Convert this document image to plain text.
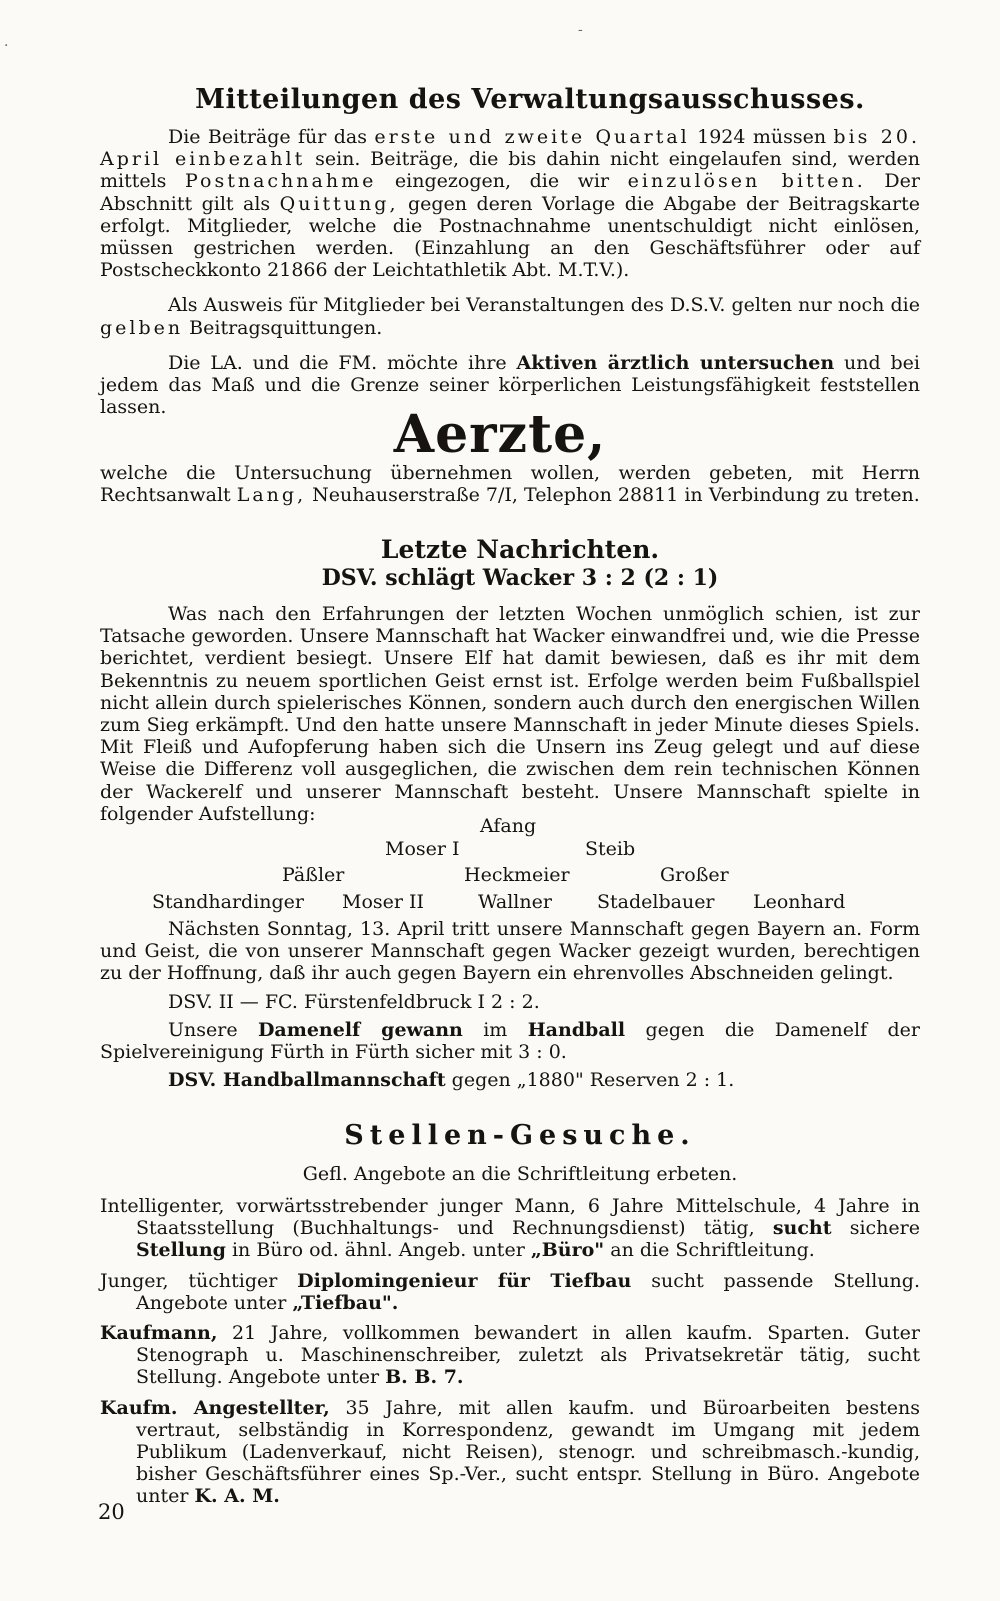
·
-
Mitteilungen des Verwaltungsausschusses.

Die Beiträge für das erste und zweite Quartal 1924 müssen bis 20. April einbezahlt sein. Beiträge, die bis dahin nicht eingelaufen sind, werden mittels Postnachnahme eingezogen, die wir einzulösen bitten. Der Abschnitt gilt als Quittung, gegen deren Vorlage die Abgabe der Beitragskarte erfolgt. Mitglieder, welche die Postnachnahme unentschuldigt nicht einlösen, müssen gestrichen werden. (Einzahlung an den Geschäftsführer oder auf Postscheckkonto 21866 der Leichtathletik Abt. M.T.V.).

Als Ausweis für Mitglieder bei Veranstaltungen des D.S.V. gelten nur noch die gelben Beitragsquittungen.

Die LA. und die FM. möchte ihre Aktiven ärztlich untersuchen und bei jedem das Maß und die Grenze seiner körperlichen Leistungsfähigkeit feststellen lassen.	Aerzte,

welche die Untersuchung übernehmen wollen, werden gebeten, mit Herrn Rechtsanwalt Lang, Neuhauserstraße 7/I, Telephon 28811 in Verbindung zu treten.

Letzte Nachrichten.
DSV. schlägt Wacker 3 : 2 (2 : 1)

Was nach den Erfahrungen der letzten Wochen unmöglich schien, ist zur Tatsache geworden. Unsere Mannschaft hat Wacker einwandfrei und, wie die Presse berichtet, verdient besiegt. Unsere Elf hat damit bewiesen, daß es ihr mit dem Bekenntnis zu neuem sportlichen Geist ernst ist. Erfolge werden beim Fußballspiel nicht allein durch spielerisches Können, sondern auch durch den energischen Willen zum Sieg erkämpft. Und den hatte unsere Mannschaft in jeder Minute dieses Spiels. Mit Fleiß und Aufopferung haben sich die Unsern ins Zeug gelegt und auf diese Weise die Differenz voll ausgeglichen, die zwischen dem rein technischen Können der Wackerelf und unserer Mannschaft besteht. Unsere Mannschaft spielte in folgender Aufstellung:

Afang
Moser I	Steib
Päßler	Heckmeier	Großer
Standhardinger Moser II	Wallner Stadelbauer Leonhard

Nächsten Sonntag, 13. April tritt unsere Mannschaft gegen Bayern an. Form und Geist, die von unserer Mannschaft gegen Wacker gezeigt wurden, berechtigen zu der Hoffnung, daß ihr auch gegen Bayern ein ehrenvolles Abschneiden gelingt.

DSV. II — FC. Fürstenfeldbruck I 2 : 2.

Unsere Damenelf gewann im Handball gegen die Damenelf der Spielvereinigung Fürth in Fürth sicher mit 3 : 0.

DSV. Handballmannschaft gegen „1880" Reserven 2 : 1.

Stellen-Gesuche.
Gefl. Angebote an die Schriftleitung erbeten.

Intelligenter, vorwärtsstrebender junger Mann, 6 Jahre Mittelschule, 4 Jahre in Staatsstellung (Buchhaltungs- und Rechnungsdienst) tätig, sucht sichere Stellung in Büro od. ähnl. Angeb. unter „Büro" an die Schriftleitung.

Junger, tüchtiger Diplomingenieur für Tiefbau sucht passende Stellung. Angebote unter „Tiefbau".

Kaufmann, 21 Jahre, vollkommen bewandert in allen kaufm. Sparten. Guter Stenograph u. Maschinenschreiber, zuletzt als Privatsekretär tätig, sucht Stellung. Angebote unter B. B. 7.

Kaufm. Angestellter, 35 Jahre, mit allen kaufm. und Büroarbeiten bestens vertraut, selbständig in Korrespondenz, gewandt im Umgang mit jedem Publikum (Ladenverkauf, nicht Reisen), stenogr. und schreibmasch.-kundig, bisher Geschäftsführer eines Sp.-Ver., sucht entspr. Stellung in Büro. Angebote unter K. A. M.

20
